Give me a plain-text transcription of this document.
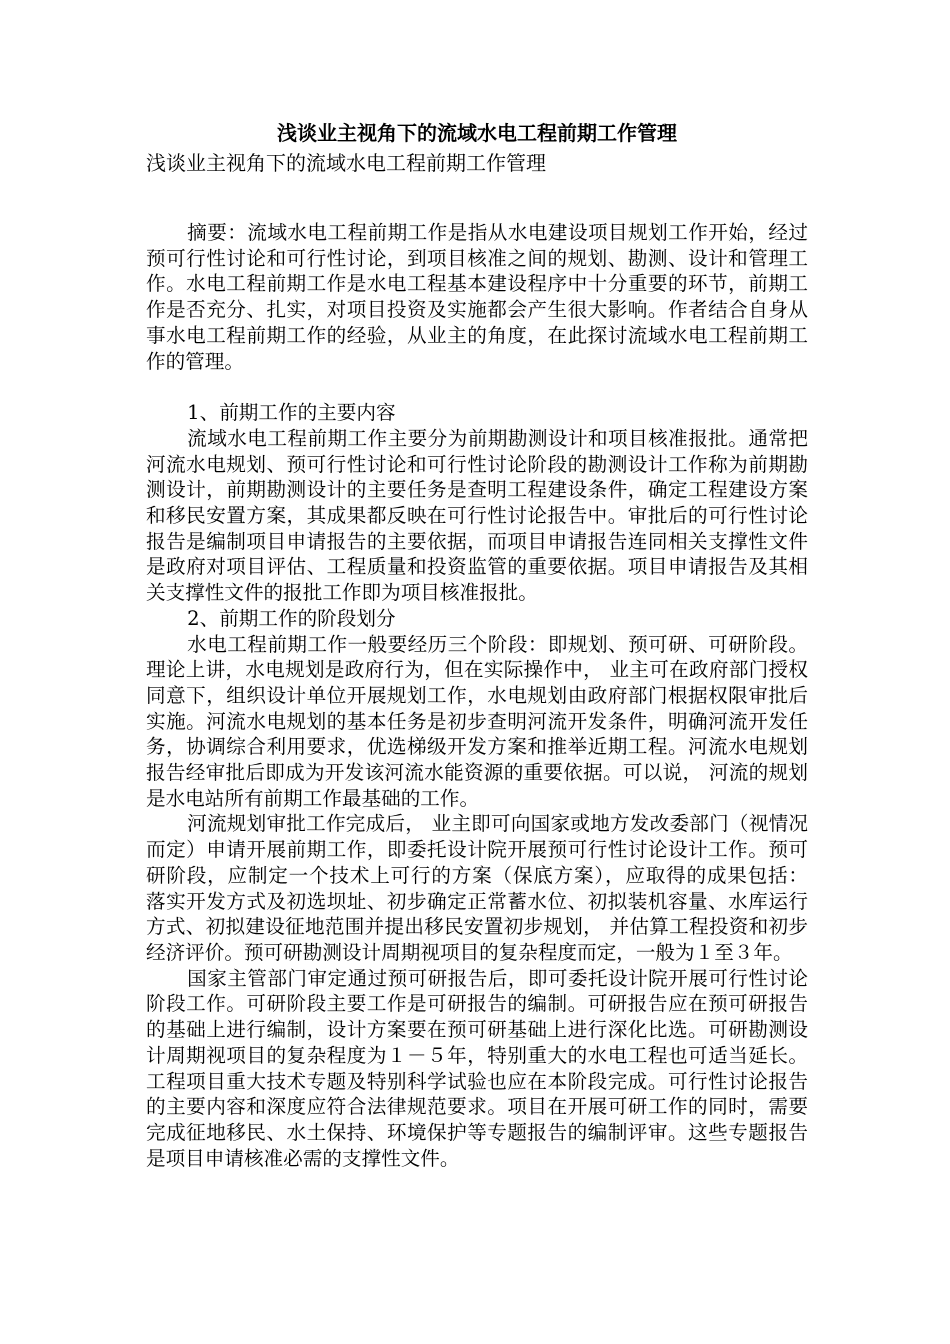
浅谈业主视角下的流域水电工程前期工作管理
浅谈业主视角下的流域水电工程前期工作管理

摘要：流域水电工程前期工作是指从水电建设项目规划工作开始，经过预可行性讨论和可行性讨论，到项目核准之间的规划、勘测、设计和管理工作。水电工程前期工作是水电工程基本建设程序中十分重要的环节，前期工作是否充分、扎实，对项目投资及实施都会产生很大影响。作者结合自身从事水电工程前期工作的经验，从业主的角度，在此探讨流域水电工程前期工作的管理。

1、前期工作的主要内容

流域水电工程前期工作主要分为前期勘测设计和项目核准报批。通常把河流水电规划、预可行性讨论和可行性讨论阶段的勘测设计工作称为前期勘测设计，前期勘测设计的主要任务是查明工程建设条件，确定工程建设方案和移民安置方案，其成果都反映在可行性讨论报告中。审批后的可行性讨论报告是编制项目申请报告的主要依据，而项目申请报告连同相关支撑性文件是政府对项目评估、工程质量和投资监管的重要依据。项目申请报告及其相关支撑性文件的报批工作即为项目核准报批。

2、前期工作的阶段划分

水电工程前期工作一般要经历三个阶段：即规划、预可研、可研阶段。理论上讲，水电规划是政府行为，但在实际操作中， 业主可在政府部门授权同意下，组织设计单位开展规划工作，水电规划由政府部门根据权限审批后实施。河流水电规划的基本任务是初步查明河流开发条件，明确河流开发任务，协调综合利用要求，优选梯级开发方案和推举近期工程。河流水电规划报告经审批后即成为开发该河流水能资源的重要依据。可以说， 河流的规划是水电站所有前期工作最基础的工作。

河流规划审批工作完成后， 业主即可向国家或地方发改委部门（视情况而定）申请开展前期工作，即委托设计院开展预可行性讨论设计工作。预可研阶段，应制定一个技术上可行的方案（保底方案），应取得的成果包括： 落实开发方式及初选坝址、初步确定正常蓄水位、初拟装机容量、水库运行方式、初拟建设征地范围并提出移民安置初步规划， 并估算工程投资和初步经济评价。预可研勘测设计周期视项目的复杂程度而定，一般为１至３年。

国家主管部门审定通过预可研报告后，即可委托设计院开展可行性讨论阶段工作。可研阶段主要工作是可研报告的编制。可研报告应在预可研报告的基础上进行编制，设计方案要在预可研基础上进行深化比选。可研勘测设计周期视项目的复杂程度为１－５年，特别重大的水电工程也可适当延长。工程项目重大技术专题及特别科学试验也应在本阶段完成。可行性讨论报告的主要内容和深度应符合法律规范要求。项目在开展可研工作的同时，需要完成征地移民、水土保持、环境保护等专题报告的编制评审。这些专题报告是项目申请核准必需的支撑性文件。
